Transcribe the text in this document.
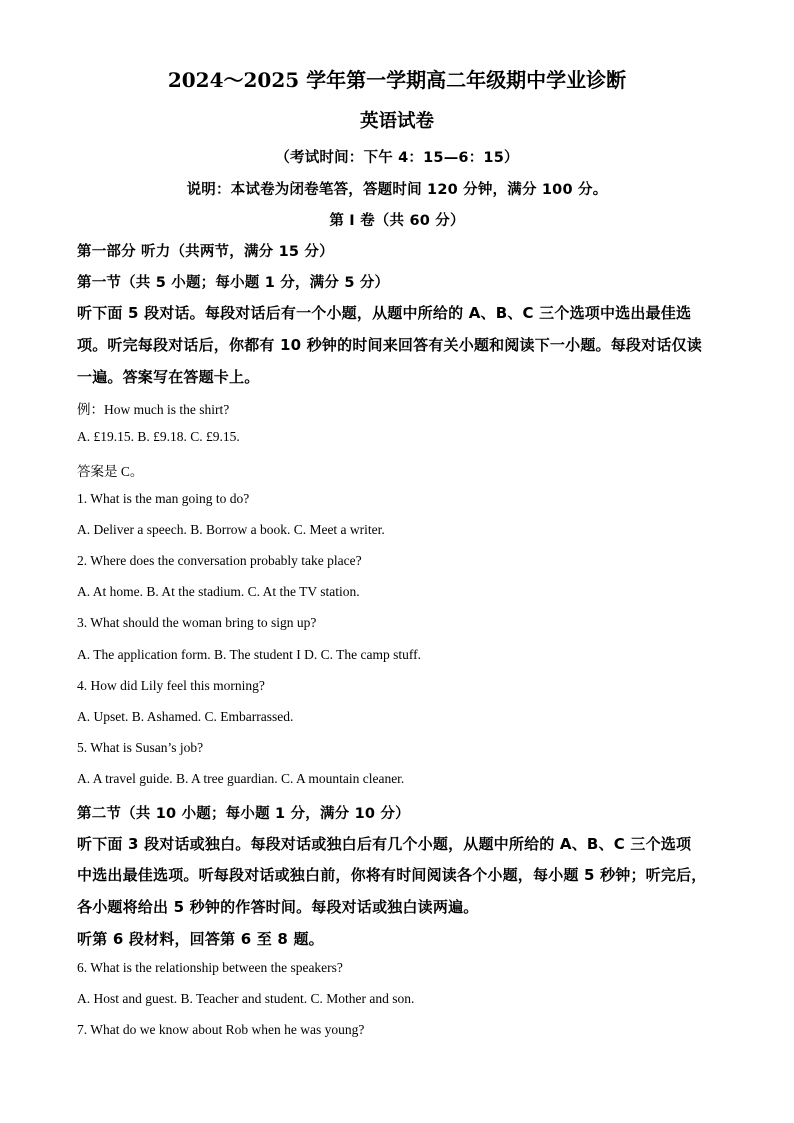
2024～2025 学年第一学期高二年级期中学业诊断
英语试卷
（考试时间：下午 4：15—6：15）
说明：本试卷为闭卷笔答，答题时间 120 分钟，满分 100 分。
第 I 卷（共 60 分）
第一部分 听力（共两节，满分 15 分）
第一节（共 5 小题；每小题 1 分，满分 5 分）
听下面 5 段对话。每段对话后有一个小题，从题中所给的 A、B、C 三个选项中选出最佳选
项。听完每段对话后，你都有 10 秒钟的时间来回答有关小题和阅读下一小题。每段对话仅读
一遍。答案写在答题卡上。
例：How much is the shirt?
A. £19.15. B. £9.18. C. £9.15.
答案是 C。
1. What is the man going to do?
A. Deliver a speech. B. Borrow a book. C. Meet a writer.
2. Where does the conversation probably take place?
A. At home. B. At the stadium. C. At the TV station.
3. What should the woman bring to sign up?
A. The application form. B. The student I D. C. The camp stuff.
4. How did Lily feel this morning?
A. Upset. B. Ashamed. C. Embarrassed.
5. What is Susan’s job?
A. A travel guide. B. A tree guardian. C. A mountain cleaner.
第二节（共 10 小题；每小题 1 分，满分 10 分）
听下面 3 段对话或独白。每段对话或独白后有几个小题，从题中所给的 A、B、C 三个选项
中选出最佳选项。听每段对话或独白前，你将有时间阅读各个小题，每小题 5 秒钟；听完后，
各小题将给出 5 秒钟的作答时间。每段对话或独白读两遍。
听第 6 段材料，回答第 6 至 8 题。
6. What is the relationship between the speakers?
A. Host and guest. B. Teacher and student. C. Mother and son.
7. What do we know about Rob when he was young?
